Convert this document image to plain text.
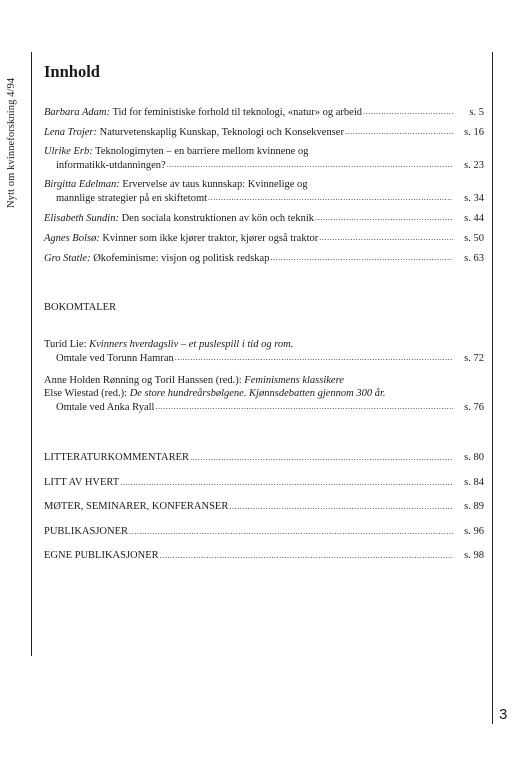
Nytt om kvinneforskning 4/94
Innhold
Barbara Adam: Tid for feministiske forhold til teknologi, «natur» og arbeid .....	s. 5
Lena Trojer: Naturvetenskaplig Kunskap, Teknologi och Konsekvenser .....	s. 16
Ulrike Erb: Teknologimyten – en barriere mellom kvinnene og
informatikk-utdanningen? .....	s. 23
Birgitta Edelman: Ervervelse av taus kunnskap: Kvinnelige og
mannlige strategier på en skiftetomt .....	s. 34
Elisabeth Sundin: Den sociala konstruktionen av kön och teknik .....	s. 44
Agnes Bolsø: Kvinner som ikke kjører traktor, kjører også traktor .....	s. 50
Gro Statle: Økofeminisme: visjon og politisk redskap .....	s. 63
BOKOMTALER
Turid Lie: Kvinners hverdagsliv – et puslespill i tid og rom.
Omtale ved Torunn Hamran .....	s. 72
Anne Holden Rønning og Toril Hanssen (red.): Feminismens klassikere
Else Wiestad (red.): De store hundreårsbølgene. Kjønnsdebatten gjennom 300 år.
Omtale ved Anka Ryall .....	s. 76
LITTERATURKOMMENTARER .....	s. 80
LITT AV HVERT .....	s. 84
MØTER, SEMINARER, KONFERANSER .....	s. 89
PUBLIKASJONER .....	s. 96
EGNE PUBLIKASJONER .....	s. 98
3
